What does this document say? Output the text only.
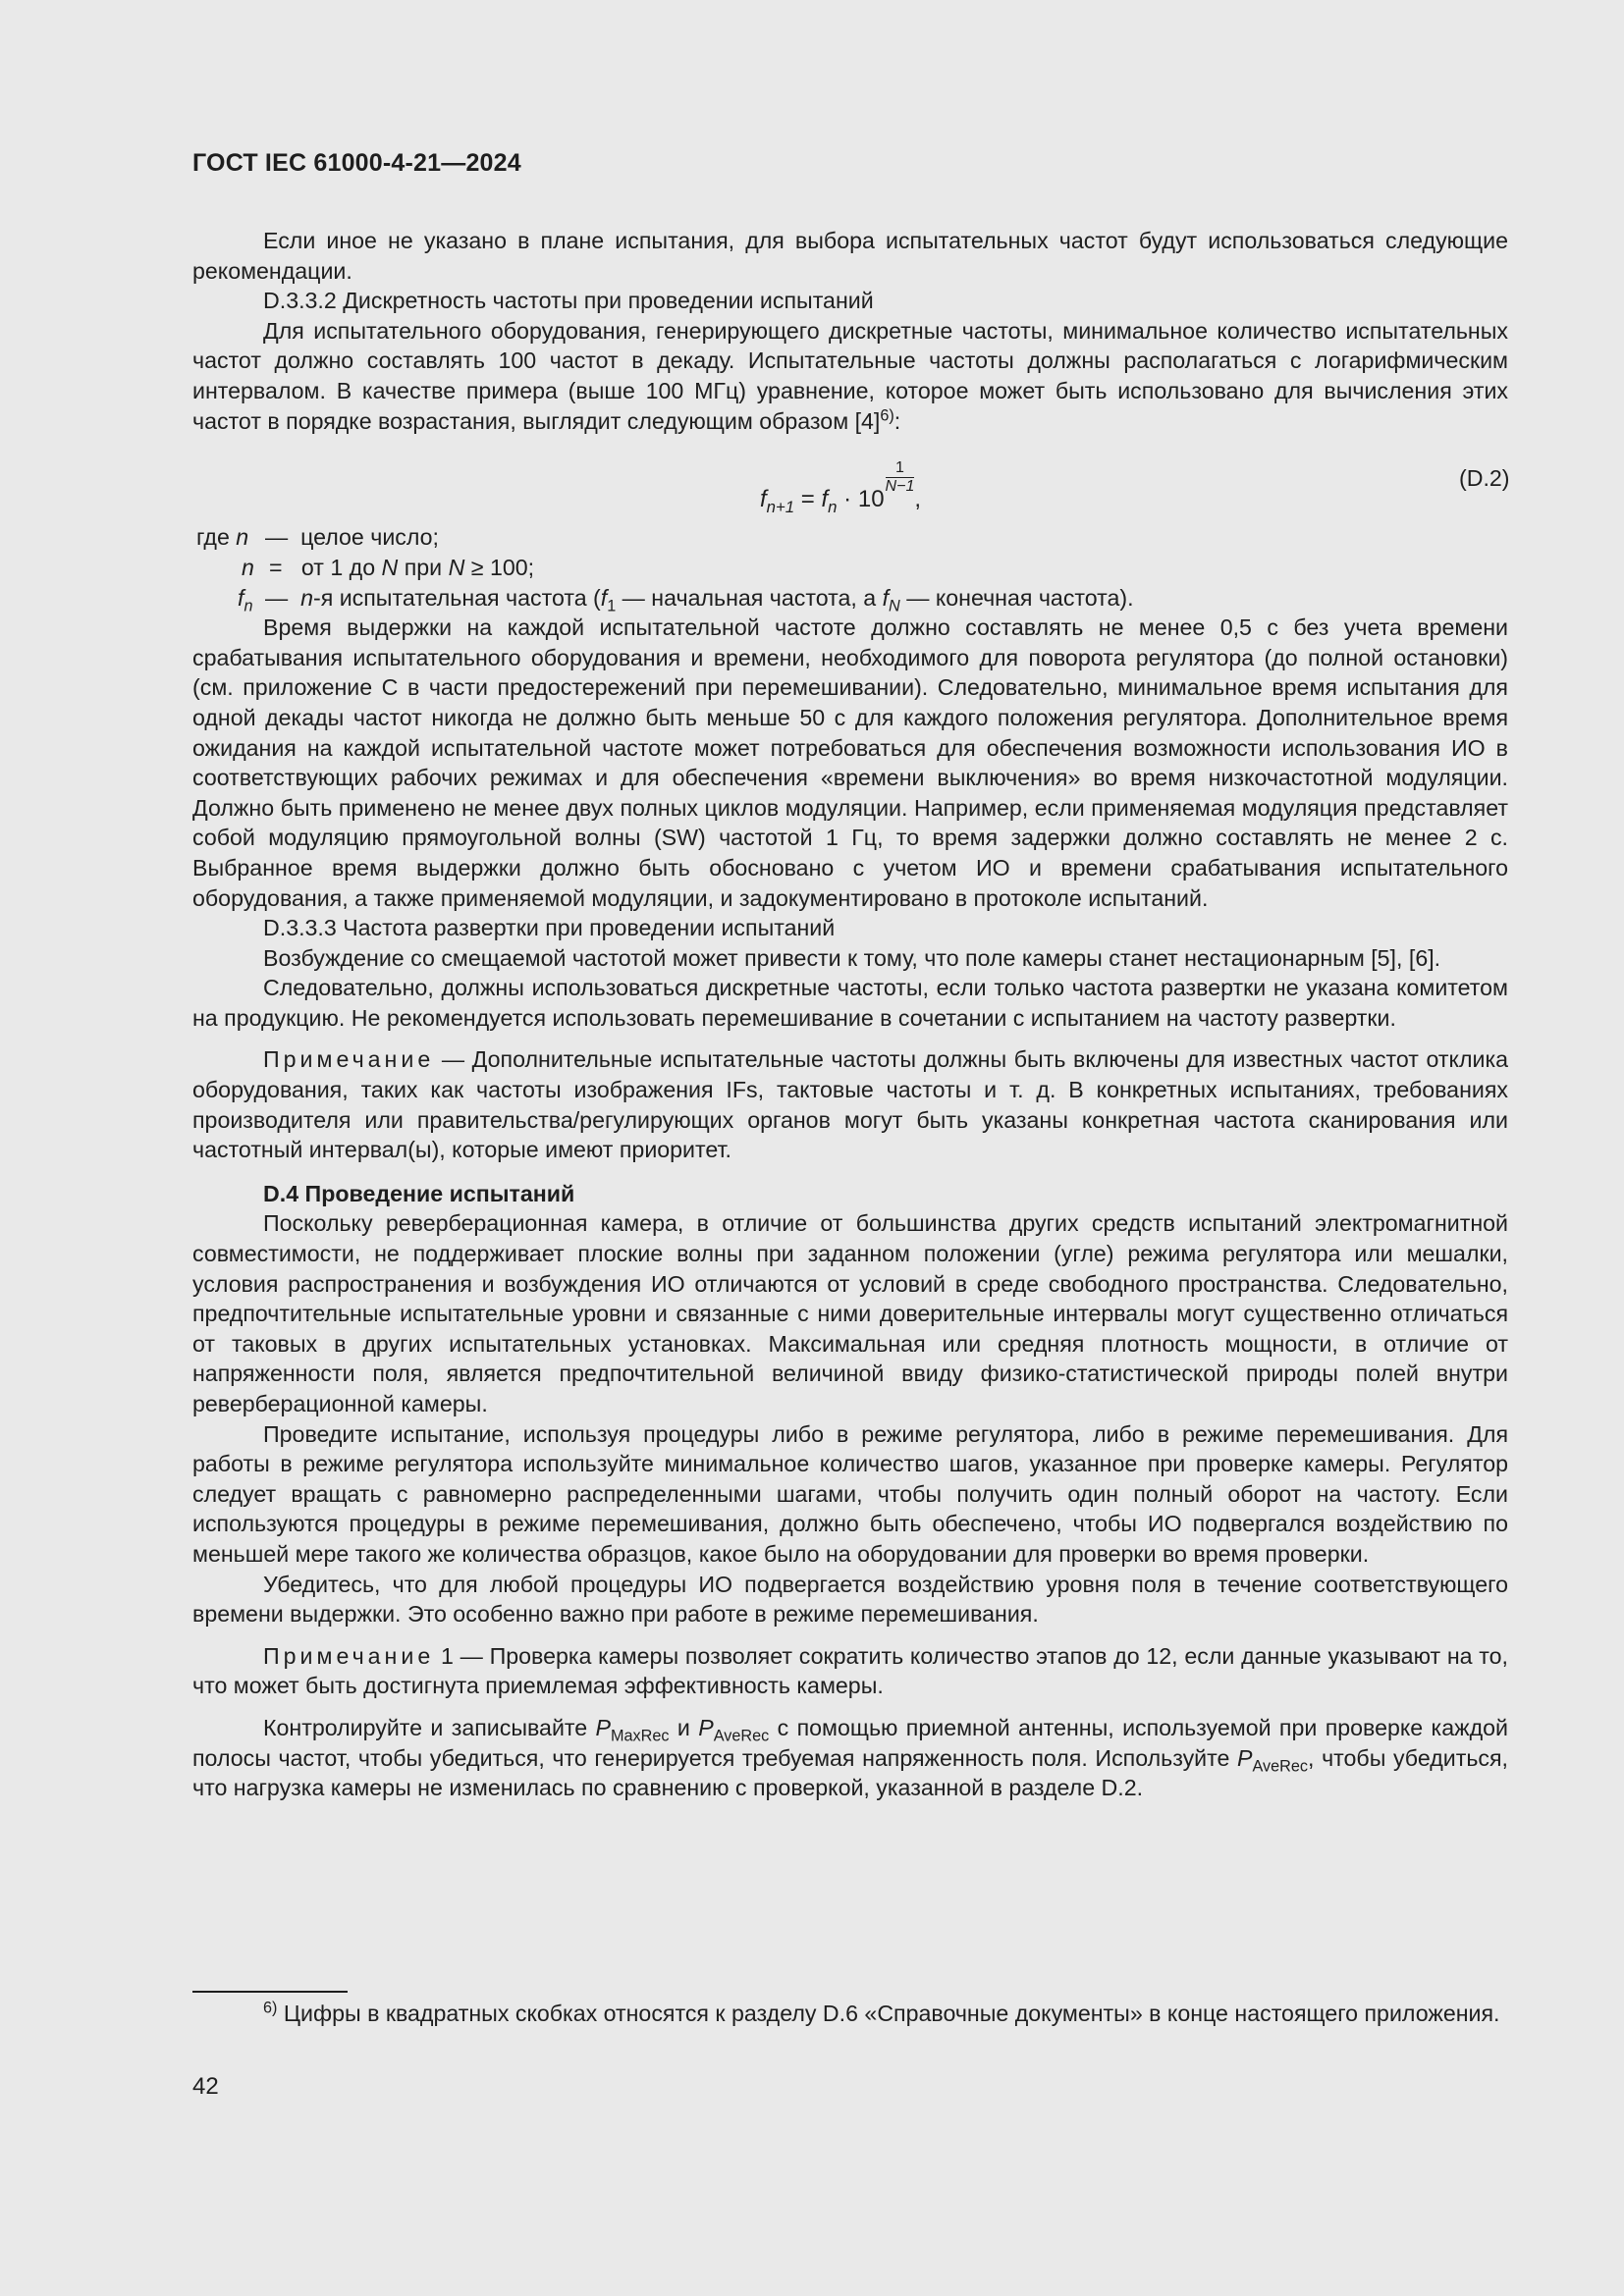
ГОСТ IEC 61000-4-21—2024

Если иное не указано в плане испытания, для выбора испытательных частот будут использоваться следующие рекомендации.

D.3.3.2 Дискретность частоты при проведении испытаний

Для испытательного оборудования, генерирующего дискретные частоты, минимальное количество испытательных частот должно составлять 100 частот в декаду. Испытательные частоты должны располагаться с логарифмическим интервалом. В качестве примера (выше 100 МГц) уравнение, которое может быть использовано для вычисления этих частот в порядке возрастания, выглядит следующим образом $[4]^{6)}$:

$f_{n+1} = f_n \cdot 10$
$\frac{1}{N-1}$
,
(D.2)
где n — целое число;
n = от 1 до N при N ≥ 100;
$f_n$ — n-я испытательная частота ($f_1$ — начальная частота, а $f_N$ — конечная частота).

Время выдержки на каждой испытательной частоте должно составлять не менее 0,5 с без учета времени срабатывания испытательного оборудования и времени, необходимого для поворота регулятора (до полной остановки) (см. приложение С в части предостережений при перемешивании). Следовательно, минимальное время испытания для одной декады частот никогда не должно быть меньше 50 с для каждого положения регулятора. Дополнительное время ожидания на каждой испытательной частоте может потребоваться для обеспечения возможности использования ИО в соответствующих рабочих режимах и для обеспечения «времени выключения» во время низкочастотной модуляции. Должно быть применено не менее двух полных циклов модуляции. Например, если применяемая модуляция представляет собой модуляцию прямоугольной волны (SW) частотой 1 Гц, то время задержки должно составлять не менее 2 с. Выбранное время выдержки должно быть обосновано с учетом ИО и времени срабатывания испытательного оборудования, а также применяемой модуляции, и задокументировано в протоколе испытаний.

D.3.3.3 Частота развертки при проведении испытаний

Возбуждение со смещаемой частотой может привести к тому, что поле камеры станет нестационарным [5], [6].

Следовательно, должны использоваться дискретные частоты, если только частота развертки не указана комитетом на продукцию. Не рекомендуется использовать перемешивание в сочетании с испытанием на частоту развертки.

Примечание — Дополнительные испытательные частоты должны быть включены для известных частот отклика оборудования, таких как частоты изображения IFs, тактовые частоты и т. д. В конкретных испытаниях, требованиях производителя или правительства/регулирующих органов могут быть указаны конкретная частота сканирования или частотный интервал(ы), которые имеют приоритет.

D.4 Проведение испытаний

Поскольку реверберационная камера, в отличие от большинства других средств испытаний электромагнитной совместимости, не поддерживает плоские волны при заданном положении (угле) режима регулятора или мешалки, условия распространения и возбуждения ИО отличаются от условий в среде свободного пространства. Следовательно, предпочтительные испытательные уровни и связанные с ними доверительные интервалы могут существенно отличаться от таковых в других испытательных установках. Максимальная или средняя плотность мощности, в отличие от напряженности поля, является предпочтительной величиной ввиду физико-статистической природы полей внутри реверберационной камеры.

Проведите испытание, используя процедуры либо в режиме регулятора, либо в режиме перемешивания. Для работы в режиме регулятора используйте минимальное количество шагов, указанное при проверке камеры. Регулятор следует вращать с равномерно распределенными шагами, чтобы получить один полный оборот на частоту. Если используются процедуры в режиме перемешивания, должно быть обеспечено, чтобы ИО подвергался воздействию по меньшей мере такого же количества образцов, какое было на оборудовании для проверки во время проверки.

Убедитесь, что для любой процедуры ИО подвергается воздействию уровня поля в течение соответствующего времени выдержки. Это особенно важно при работе в режиме перемешивания.

Примечание 1 — Проверка камеры позволяет сократить количество этапов до 12, если данные указывают на то, что может быть достигнута приемлемая эффективность камеры.

Контролируйте и записывайте $P_{MaxRec}$ и $P_{AveRec}$ с помощью приемной антенны, используемой при проверке каждой полосы частот, чтобы убедиться, что генерируется требуемая напряженность поля. Используйте $P_{AveRec}$, чтобы убедиться, что нагрузка камеры не изменилась по сравнению с проверкой, указанной в разделе D.2.

$^{6)}$ Цифры в квадратных скобках относятся к разделу D.6 «Справочные документы» в конце настоящего приложения.
42
